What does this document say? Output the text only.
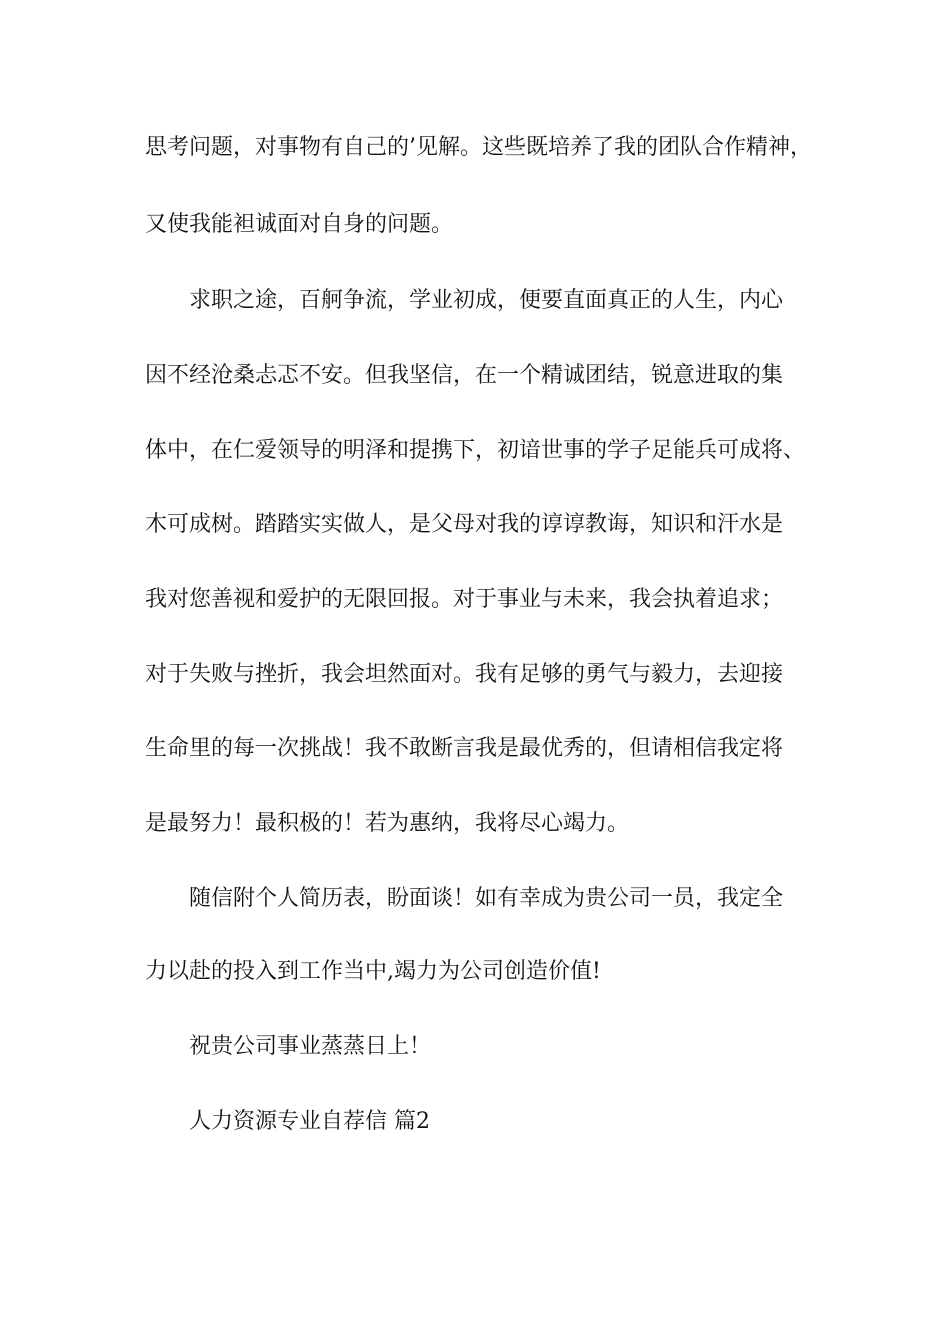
思考问题，对事物有自己的’见解。这些既培养了我的团队合作精神，
又使我能袒诚面对自身的问题。
求职之途，百舸争流，学业初成，便要直面真正的人生，内心
因不经沧桑忐忑不安。但我坚信，在一个精诚团结，锐意进取的集
体中，在仁爱领导的明泽和提携下，初谙世事的学子足能兵可成将、
木可成树。踏踏实实做人，是父母对我的谆谆教诲，知识和汗水是
我对您善视和爱护的无限回报。对于事业与未来，我会执着追求；
对于失败与挫折，我会坦然面对。我有足够的勇气与毅力，去迎接
生命里的每一次挑战！我不敢断言我是最优秀的，但请相信我定将
是最努力！最积极的！若为惠纳，我将尽心竭力。
随信附个人简历表，盼面谈！如有幸成为贵公司一员，我定全
力以赴的投入到工作当中,竭力为公司创造价值!
祝贵公司事业蒸蒸日上！
人力资源专业自荐信 篇2
